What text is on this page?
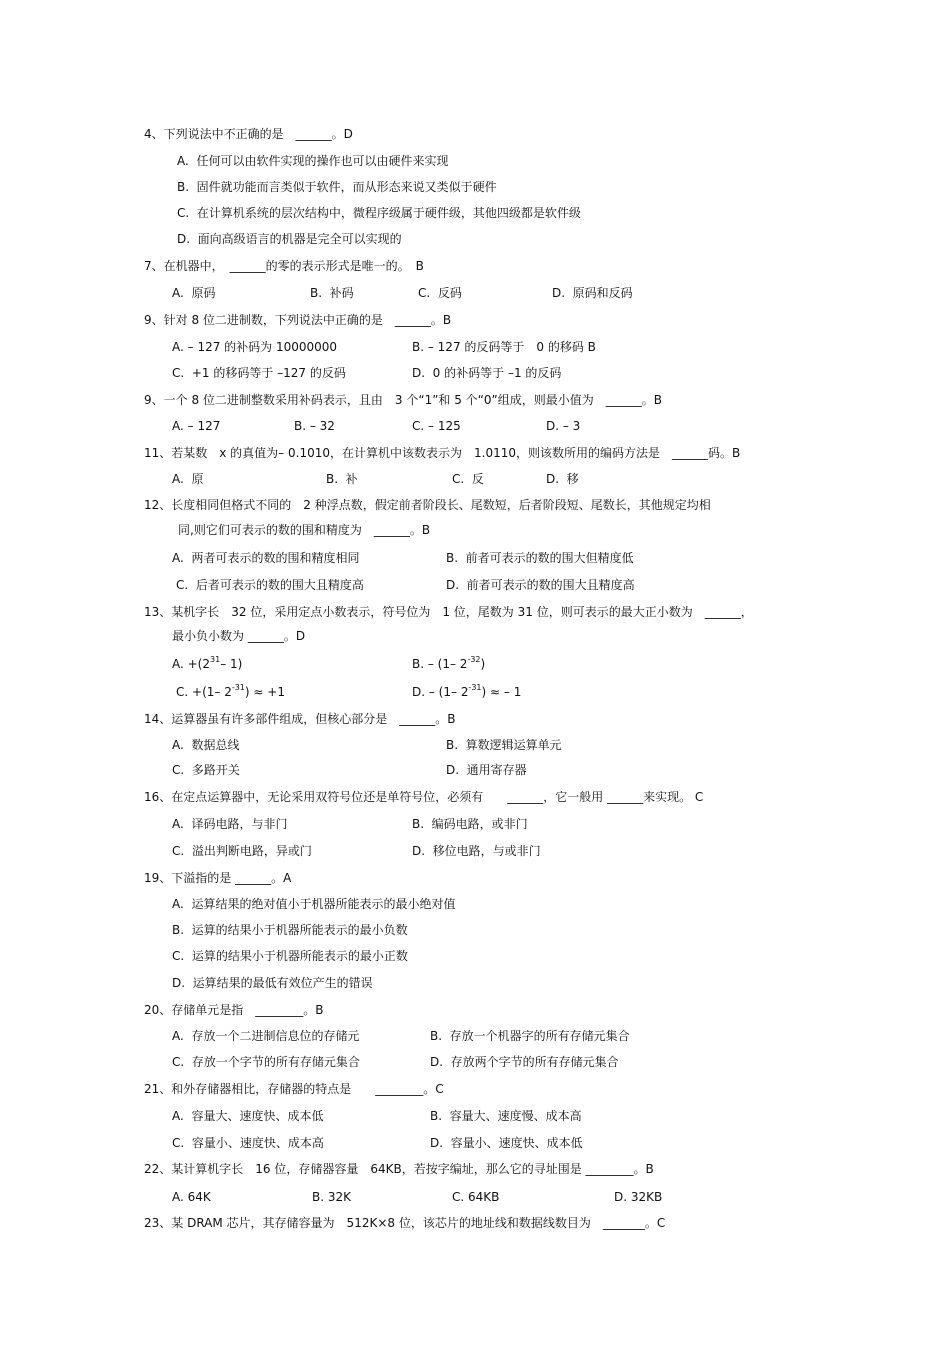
4、下列说法中不正确的是　______。D
A.  任何可以由软件实现的操作也可以由硬件来实现
B.  固件就功能而言类似于软件，而从形态来说又类似于硬件
C.  在计算机系统的层次结构中，微程序级属于硬件级，其他四级都是软件级
D.  面向高级语言的机器是完全可以实现的
7、在机器中，　______的零的表示形式是唯一的。　B
A.  原码	B.  补码	C.  反码	D.  原码和反码
9、针对 8 位二进制数，下列说法中正确的是　______。B
A. – 127 的补码为 10000000	B. – 127 的反码等于　0 的移码 B
C.  +1 的移码等于 –127 的反码	D.  0 的补码等于 –1 的反码
9、一个 8 位二进制整数采用补码表示，且由　3 个“1”和 5 个“0”组成，则最小值为　______。B
A. – 127	B. – 32	C. – 125	D. – 3
11、若某数　x 的真值为– 0.1010，在计算机中该数表示为　1.0110，则该数所用的编码方法是　______码。B
A.  原	B.  补	C.  反	D.  移
12、长度相同但格式不同的　2 种浮点数，假定前者阶段长、尾数短，后者阶段短、尾数长，其他规定均相
同,则它们可表示的数的围和精度为　______。B
A.  两者可表示的数的围和精度相同	B.  前者可表示的数的围大但精度低
C.  后者可表示的数的围大且精度高	D.  前者可表示的数的围大且精度高
13、某机字长　32 位，采用定点小数表示，符号位为　1 位，尾数为 31 位，则可表示的最大正小数为　______，
最小负小数为 ______。D
A. $+(2^{31}-$ 1)	B. – (1– $2^{-32}$)
C. +(1– $2^{-31}) \approx +1$	D. – (1– $2^{-31}$) ≈ – 1
14、运算器虽有许多部件组成，但核心部分是　______。B
A.  数据总线	B.  算数逻辑运算单元
C.  多路开关	D.  通用寄存器
16、在定点运算器中，无论采用双符号位还是单符号位，必须有　　______，它一般用 ______来实现。 C
A.  译码电路，与非门	B.  编码电路，或非门
C.  溢出判断电路，异或门	D.  移位电路，与或非门
19、下溢指的是 ______。A
A.  运算结果的绝对值小于机器所能表示的最小绝对值
B.  运算的结果小于机器所能表示的最小负数
C.  运算的结果小于机器所能表示的最小正数
D.  运算结果的最低有效位产生的错误
20、存储单元是指　________。B
A.  存放一个二进制信息位的存储元	B.  存放一个机器字的所有存储元集合
C.  存放一个字节的所有存储元集合	D.  存放两个字节的所有存储元集合
21、和外存储器相比，存储器的特点是　　________。C
A.  容量大、速度快、成本低	B.  容量大、速度慢、成本高
C.  容量小、速度快、成本高	D.  容量小、速度快、成本低
22、某计算机字长　16 位，存储器容量　64KB，若按字编址，那么它的寻址围是 ________。B
A. 64K	B. 32K	C. 64KB	D. 32KB
23、某 DRAM 芯片，其存储容量为　512K×8 位，该芯片的地址线和数据线数目为　_______。C
